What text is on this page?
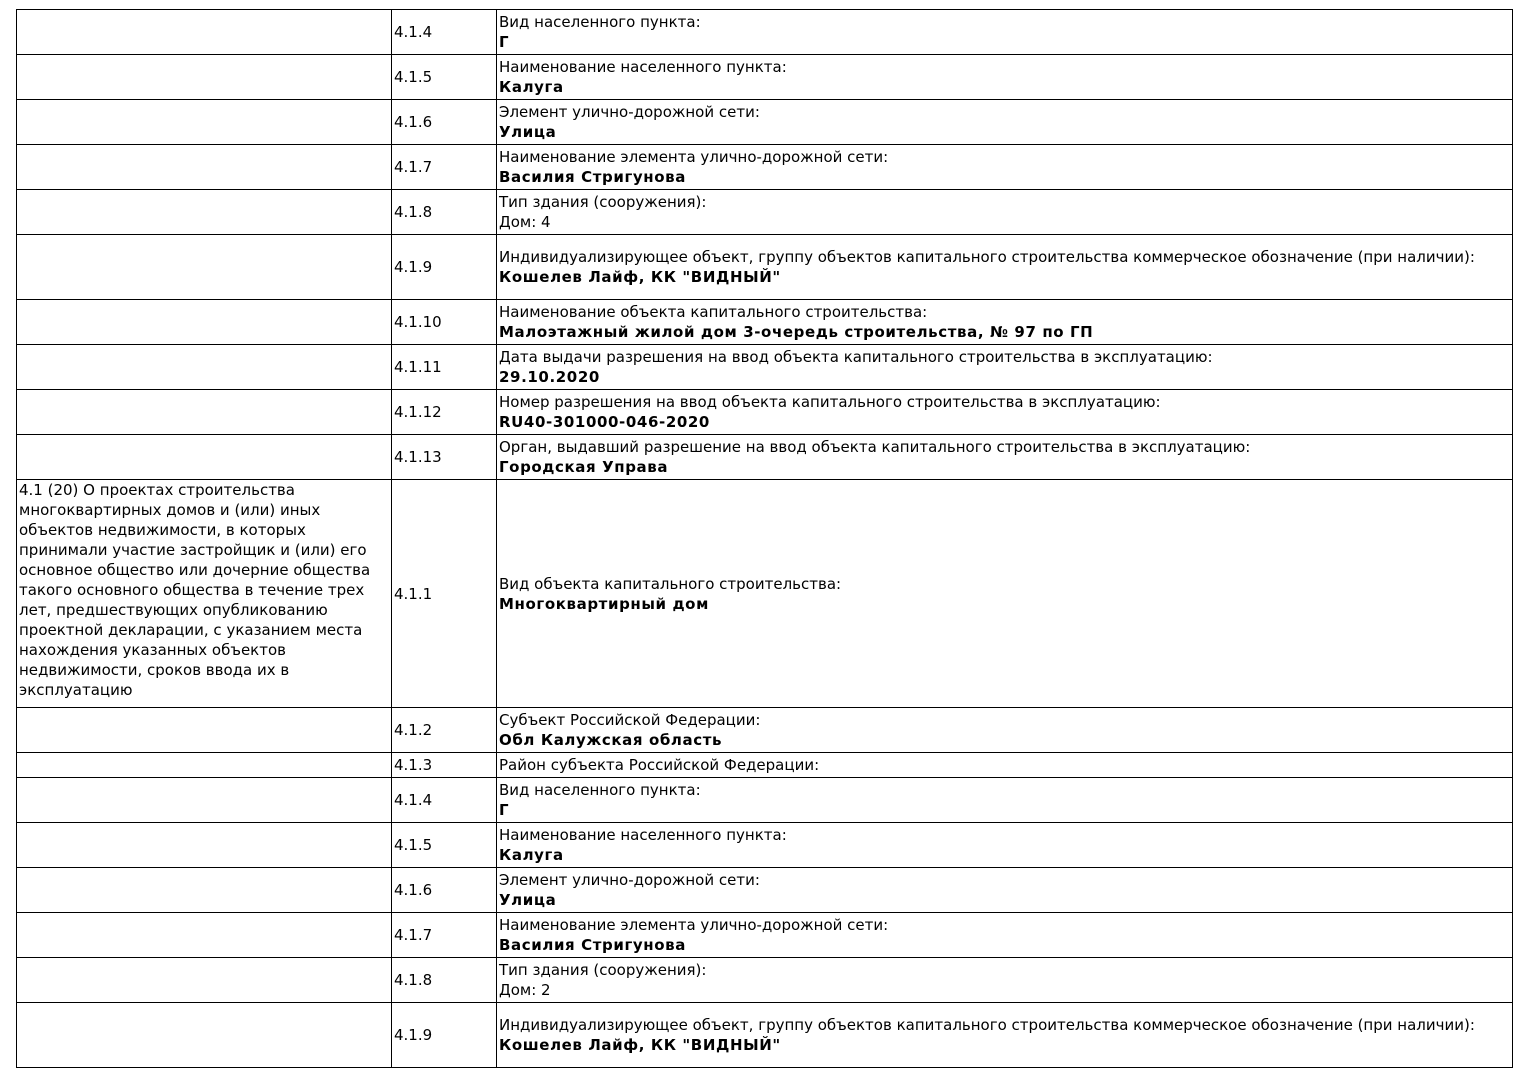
	4.1.4	Вид населенного пункта:
Г

	4.1.5	Наименование населенного пункта:
Калуга

	4.1.6	Элемент улично-дорожной сети:
Улица

	4.1.7	Наименование элемента улично-дорожной сети:
Василия Стригунова

	4.1.8	Тип здания (сооружения):
Дом: 4

	4.1.9	Индивидуализирующее объект, группу объектов капитального строительства коммерческое обозначение (при наличии):
Кошелев Лайф, КК "ВИДНЫЙ"

	4.1.10	Наименование объекта капитального строительства:
Малоэтажный жилой дом 3-очередь строительства, № 97 по ГП

	4.1.11	Дата выдачи разрешения на ввод объекта капитального строительства в эксплуатацию:
29.10.2020

	4.1.12	Номер разрешения на ввод объекта капитального строительства в эксплуатацию:
RU40-301000-046-2020

	4.1.13	Орган, выдавший разрешение на ввод объекта капитального строительства в эксплуатацию:
Городская Управа

4.1 (20) О проектах строительства многоквартирных домов и (или) иных объектов недвижимости, в которых принимали участие застройщик и (или) его основное общество или дочерние общества такого основного общества в течение трех лет, предшествующих опубликованию проектной декларации, с указанием места нахождения указанных объектов недвижимости, сроков ввода их в эксплуатацию	4.1.1	Вид объекта капитального строительства:
Многоквартирный дом

	4.1.2	Субъект Российской Федерации:
Обл Калужская область

	4.1.3	Район субъекта Российской Федерации:

	4.1.4	Вид населенного пункта:
Г

	4.1.5	Наименование населенного пункта:
Калуга

	4.1.6	Элемент улично-дорожной сети:
Улица

	4.1.7	Наименование элемента улично-дорожной сети:
Василия Стригунова

	4.1.8	Тип здания (сооружения):
Дом: 2

	4.1.9	Индивидуализирующее объект, группу объектов капитального строительства коммерческое обозначение (при наличии):
Кошелев Лайф, КК "ВИДНЫЙ"
